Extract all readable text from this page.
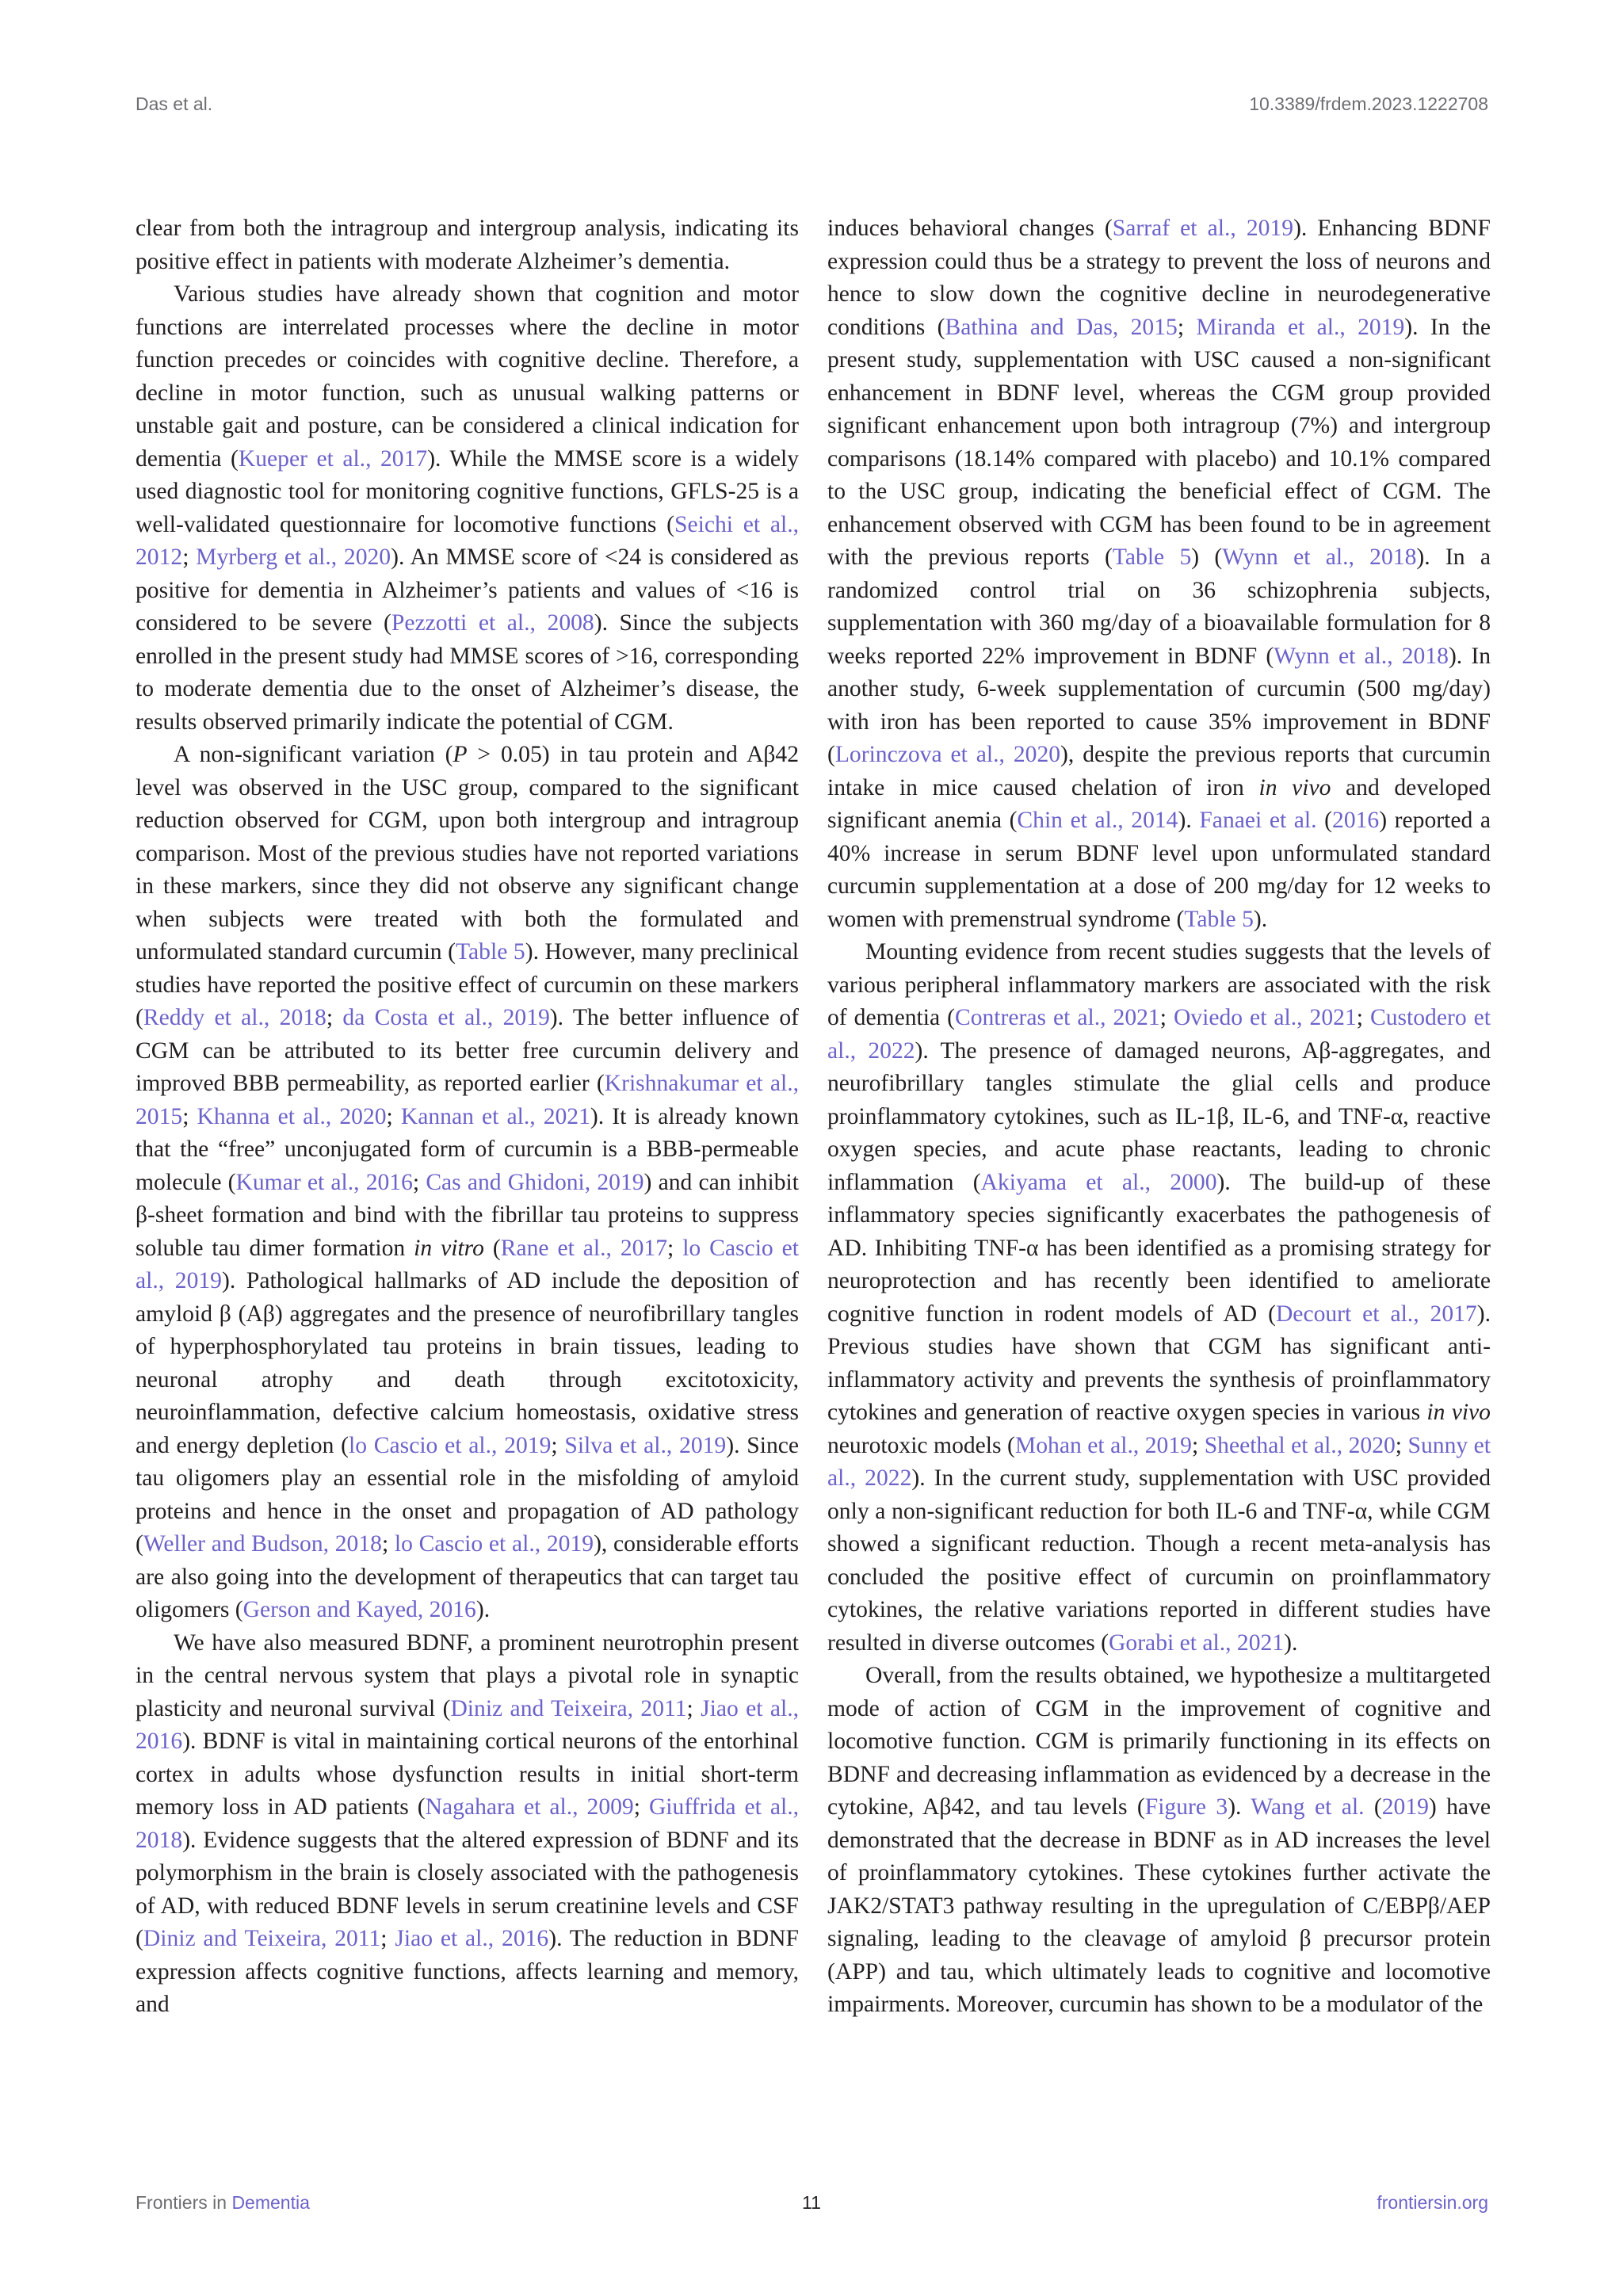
Das et al.	10.3389/frdem.2023.1222708

clear from both the intragroup and intergroup analysis, indicating its positive effect in patients with moderate Alzheimer’s dementia.

Various studies have already shown that cognition and motor functions are interrelated processes where the decline in motor function precedes or coincides with cognitive decline. Therefore, a decline in motor function, such as unusual walking patterns or unstable gait and posture, can be considered a clinical indication for dementia (Kueper et al., 2017). While the MMSE score is a widely used diagnostic tool for monitoring cognitive functions, GFLS-25 is a well-validated questionnaire for locomotive functions (Seichi et al., 2012; Myrberg et al., 2020). An MMSE score of <24 is considered as positive for dementia in Alzheimer’s patients and values of <16 is considered to be severe (Pezzotti et al., 2008). Since the subjects enrolled in the present study had MMSE scores of >16, corresponding to moderate dementia due to the onset of Alzheimer’s disease, the results observed primarily indicate the potential of CGM.

A non-significant variation (P > 0.05) in tau protein and Aβ42 level was observed in the USC group, compared to the significant reduction observed for CGM, upon both intergroup and intragroup comparison. Most of the previous studies have not reported variations in these markers, since they did not observe any significant change when subjects were treated with both the formulated and unformulated standard curcumin (Table 5). However, many preclinical studies have reported the positive effect of curcumin on these markers (Reddy et al., 2018; da Costa et al., 2019). The better influence of CGM can be attributed to its better free curcumin delivery and improved BBB permeability, as reported earlier (Krishnakumar et al., 2015; Khanna et al., 2020; Kannan et al., 2021). It is already known that the “free” unconjugated form of curcumin is a BBB-permeable molecule (Kumar et al., 2016; Cas and Ghidoni, 2019) and can inhibit β-sheet formation and bind with the fibrillar tau proteins to suppress soluble tau dimer formation in vitro (Rane et al., 2017; lo Cascio et al., 2019). Pathological hallmarks of AD include the deposition of amyloid β (Aβ) aggregates and the presence of neurofibrillary tangles of hyperphosphorylated tau proteins in brain tissues, leading to neuronal atrophy and death through excitotoxicity, neuroinflammation, defective calcium homeostasis, oxidative stress and energy depletion (lo Cascio et al., 2019; Silva et al., 2019). Since tau oligomers play an essential role in the misfolding of amyloid proteins and hence in the onset and propagation of AD pathology (Weller and Budson, 2018; lo Cascio et al., 2019), considerable efforts are also going into the development of therapeutics that can target tau oligomers (Gerson and Kayed, 2016).

We have also measured BDNF, a prominent neurotrophin present in the central nervous system that plays a pivotal role in synaptic plasticity and neuronal survival (Diniz and Teixeira, 2011; Jiao et al., 2016). BDNF is vital in maintaining cortical neurons of the entorhinal cortex in adults whose dysfunction results in initial short-term memory loss in AD patients (Nagahara et al., 2009; Giuffrida et al., 2018). Evidence suggests that the altered expression of BDNF and its polymorphism in the brain is closely associated with the pathogenesis of AD, with reduced BDNF levels in serum creatinine levels and CSF (Diniz and Teixeira, 2011; Jiao et al., 2016). The reduction in BDNF expression affects cognitive functions, affects learning and memory, and

induces behavioral changes (Sarraf et al., 2019). Enhancing BDNF expression could thus be a strategy to prevent the loss of neurons and hence to slow down the cognitive decline in neurodegenerative conditions (Bathina and Das, 2015; Miranda et al., 2019). In the present study, supplementation with USC caused a non-significant enhancement in BDNF level, whereas the CGM group provided significant enhancement upon both intragroup (7%) and intergroup comparisons (18.14% compared with placebo) and 10.1% compared to the USC group, indicating the beneficial effect of CGM. The enhancement observed with CGM has been found to be in agreement with the previous reports (Table 5) (Wynn et al., 2018). In a randomized control trial on 36 schizophrenia subjects, supplementation with 360 mg/day of a bioavailable formulation for 8 weeks reported 22% improvement in BDNF (Wynn et al., 2018). In another study, 6-week supplementation of curcumin (500 mg/day) with iron has been reported to cause 35% improvement in BDNF (Lorinczova et al., 2020), despite the previous reports that curcumin intake in mice caused chelation of iron in vivo and developed significant anemia (Chin et al., 2014). Fanaei et al. (2016) reported a 40% increase in serum BDNF level upon unformulated standard curcumin supplementation at a dose of 200 mg/day for 12 weeks to women with premenstrual syndrome (Table 5).

Mounting evidence from recent studies suggests that the levels of various peripheral inflammatory markers are associated with the risk of dementia (Contreras et al., 2021; Oviedo et al., 2021; Custodero et al., 2022). The presence of damaged neurons, Aβ-aggregates, and neurofibrillary tangles stimulate the glial cells and produce proinflammatory cytokines, such as IL-1β, IL-6, and TNF-α, reactive oxygen species, and acute phase reactants, leading to chronic inflammation (Akiyama et al., 2000). The build-up of these inflammatory species significantly exacerbates the pathogenesis of AD. Inhibiting TNF-α has been identified as a promising strategy for neuroprotection and has recently been identified to ameliorate cognitive function in rodent models of AD (Decourt et al., 2017). Previous studies have shown that CGM has significant anti-inflammatory activity and prevents the synthesis of proinflammatory cytokines and generation of reactive oxygen species in various in vivo neurotoxic models (Mohan et al., 2019; Sheethal et al., 2020; Sunny et al., 2022). In the current study, supplementation with USC provided only a non-significant reduction for both IL-6 and TNF-α, while CGM showed a significant reduction. Though a recent meta-analysis has concluded the positive effect of curcumin on proinflammatory cytokines, the relative variations reported in different studies have resulted in diverse outcomes (Gorabi et al., 2021).

Overall, from the results obtained, we hypothesize a multitargeted mode of action of CGM in the improvement of cognitive and locomotive function. CGM is primarily functioning in its effects on BDNF and decreasing inflammation as evidenced by a decrease in the cytokine, Aβ42, and tau levels (Figure 3). Wang et al. (2019) have demonstrated that the decrease in BDNF as in AD increases the level of proinflammatory cytokines. These cytokines further activate the JAK2/STAT3 pathway resulting in the upregulation of C/EBPβ/AEP signaling, leading to the cleavage of amyloid β precursor protein (APP) and tau, which ultimately leads to cognitive and locomotive impairments. Moreover, curcumin has shown to be a modulator of the

Frontiers in Dementia	11	frontiersin.org
